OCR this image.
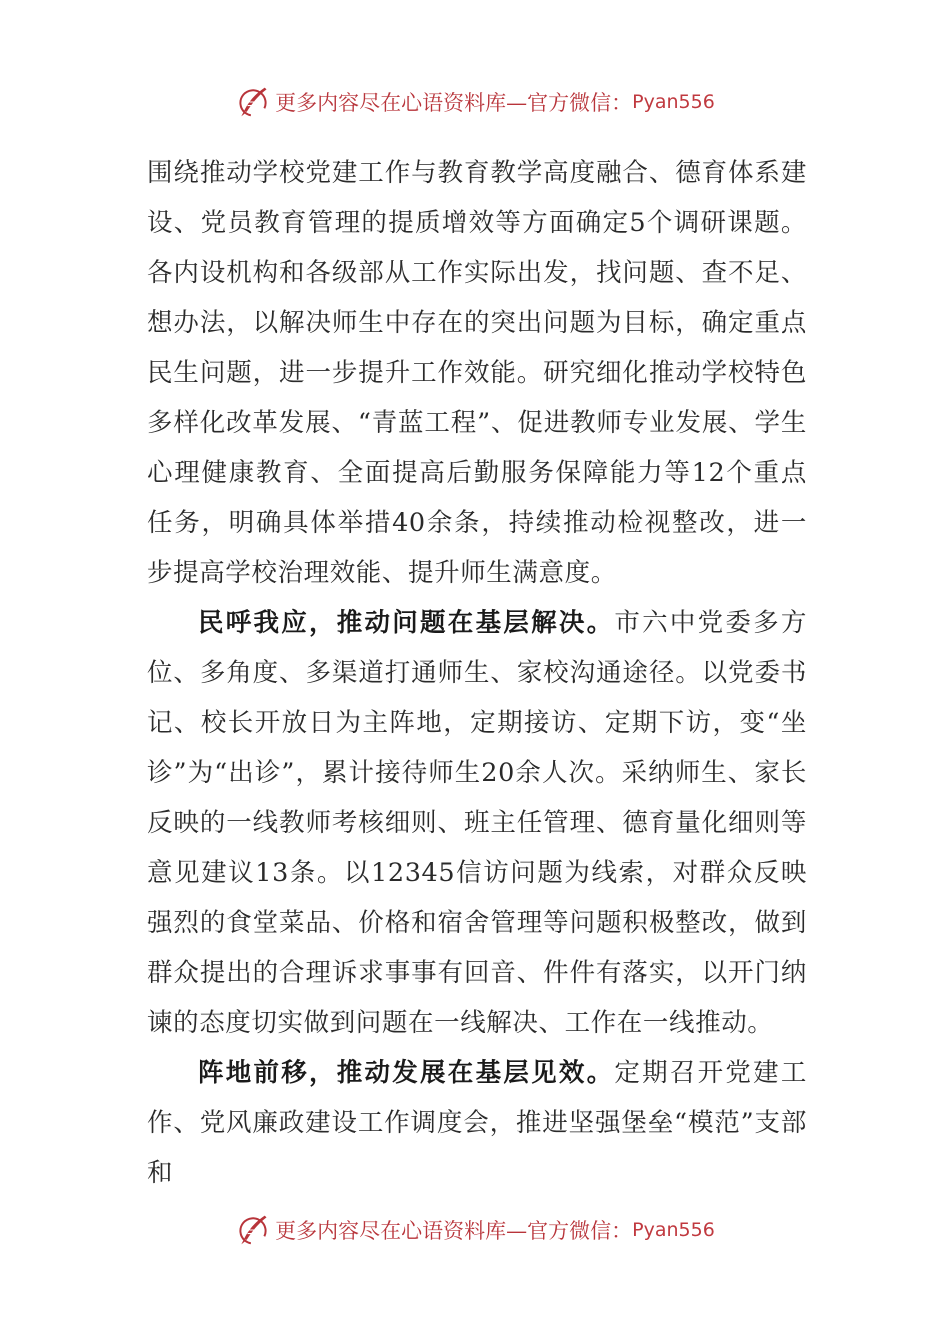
更多内容尽在心语资料库—官方微信： Pyan556

围绕推动学校党建工作与教育教学高度融合、德育体系建设、党员教育管理的提质增效等方面确定5个调研课题。各内设机构和各级部从工作实际出发，找问题、查不足、想办法，以解决师生中存在的突出问题为目标，确定重点民生问题，进一步提升工作效能。研究细化推动学校特色多样化改革发展、“青蓝工程”、促进教师专业发展、学生心理健康教育、全面提高后勤服务保障能力等12个重点任务，明确具体举措40余条，持续推动检视整改，进一步提高学校治理效能、提升师生满意度。

民呼我应，推动问题在基层解决。市六中党委多方位、多角度、多渠道打通师生、家校沟通途径。以党委书记、校长开放日为主阵地，定期接访、定期下访，变“坐诊”为“出诊”，累计接待师生20余人次。采纳师生、家长反映的一线教师考核细则、班主任管理、德育量化细则等意见建议13条。以12345信访问题为线索，对群众反映强烈的食堂菜品、价格和宿舍管理等问题积极整改，做到群众提出的合理诉求事事有回音、件件有落实，以开门纳谏的态度切实做到问题在一线解决、工作在一线推动。

阵地前移，推动发展在基层见效。定期召开党建工作、党风廉政建设工作调度会，推进坚强堡垒“模范”支部和

更多内容尽在心语资料库—官方微信： Pyan556
